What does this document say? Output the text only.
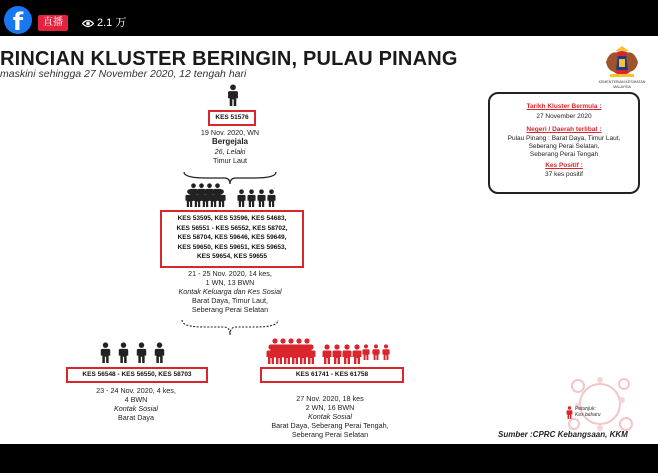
f	直播	2.1 万
RINCIAN KLUSTER BERINGIN, PULAU PINANG
maskini sehingga 27 November 2020, 12 tengah hari
KEMENTERIAN KESIHATAN MALAYSIA
KES 51576
19 Nov. 2020, WN
Bergejala
26, Lelaki
Timur Laut
KES 53595, KES 53596, KES 54683,
KES 56551 - KES 56552, KES 58702,
KES 58704, KES 59646, KES 59649,
KES 59650, KES 59651, KES 59653,
KES 59654, KES 59655
21 - 25 Nov. 2020, 14 kes,
1 WN, 13 BWN
Kontak Keluarga dan Kes Sosial
Barat Daya, Timur Laut,
Seberang Perai Selatan
KES 56548 - KES 56550, KES 58703
23 - 24 Nov. 2020, 4 kes,
4 BWN
Kontak Sosial
Barat Daya
KES 61741 - KES 61758
27 Nov. 2020, 18 kes
2 WN, 16 BWN
Kontak Sosial
Barat Daya, Seberang Perai Tengah,
Seberang Perai Selatan
Tarikh Kluster Bermula :
27 November 2020
Negeri / Daerah terlibat :
Pulau Pinang : Barat Daya, Timur Laut,
Seberang Perai Selatan,
Seberang Perai Tengah
Kes Positif :
37 kes positif
Petunjuk:
Kes baharu
Sumber :CPRC Kebangsaan, KKM
